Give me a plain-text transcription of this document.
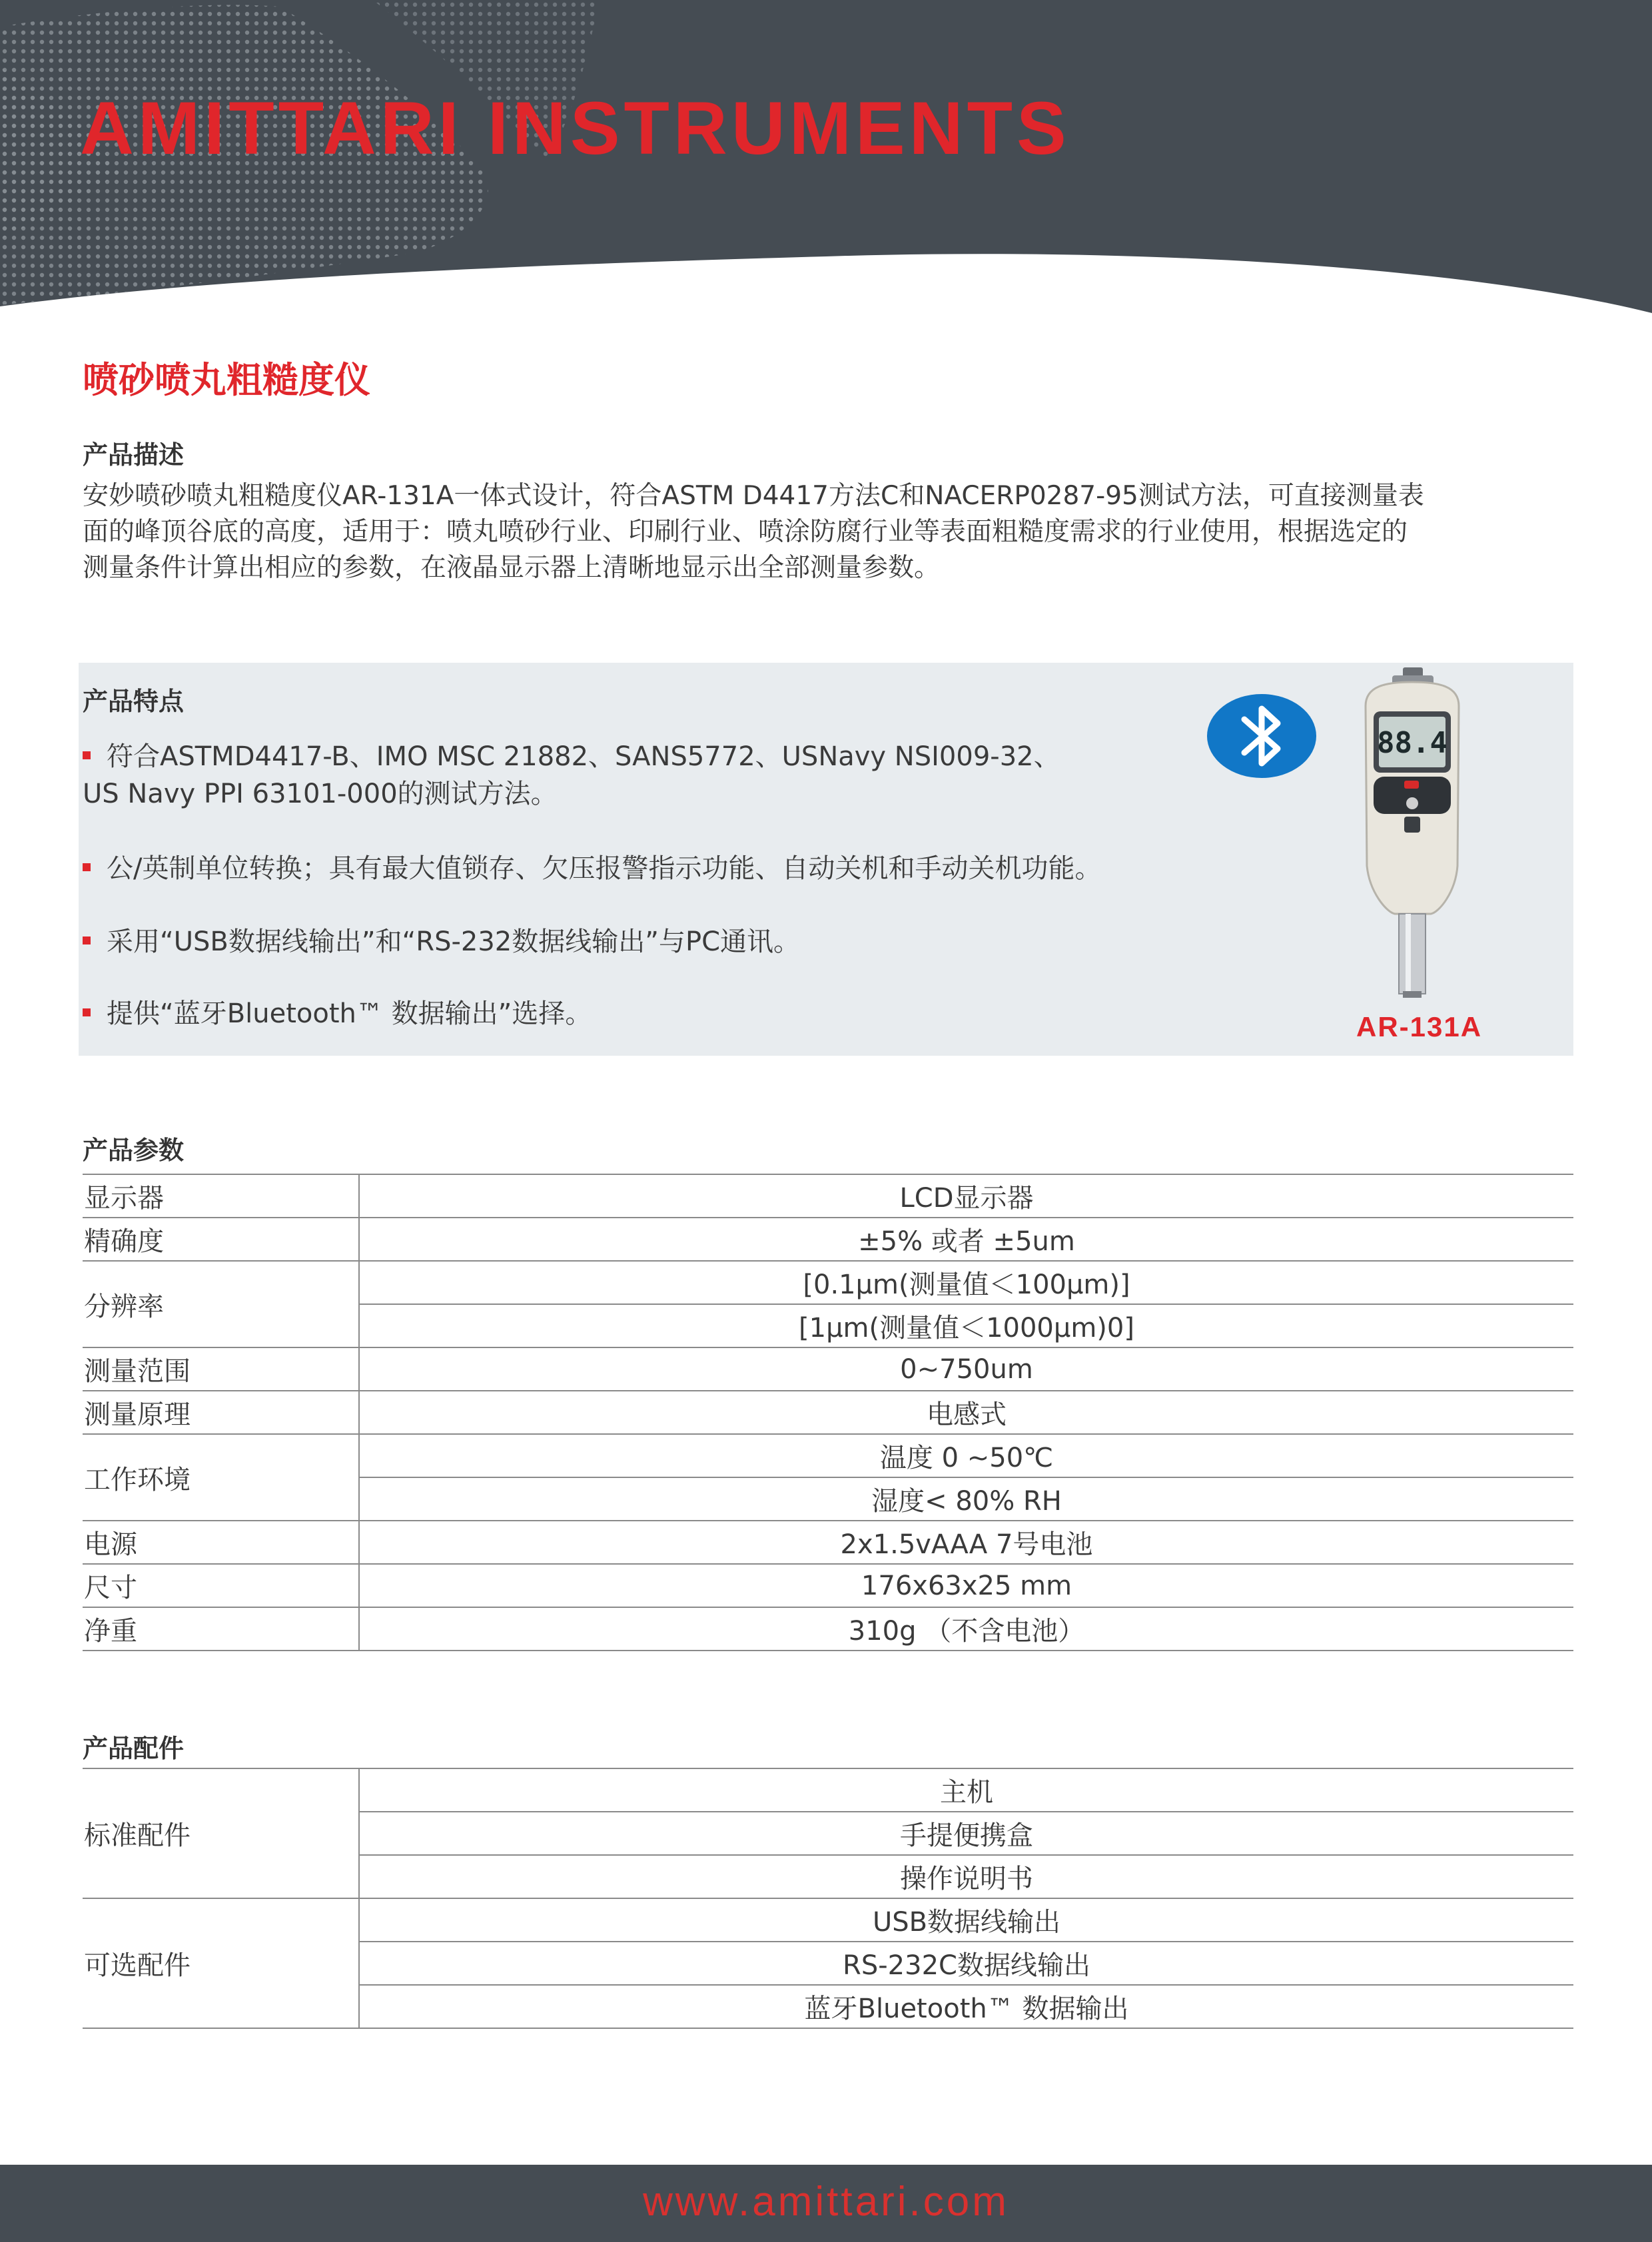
AMITTARI INSTRUMENTS
喷砂喷丸粗糙度仪
产品描述
安妙喷砂喷丸粗糙度仪AR-131A一体式设计，符合ASTM D4417方法C和NACERP0287-95测试方法，可直接测量表
面的峰顶谷底的高度，适用于：喷丸喷砂行业、印刷行业、喷涂防腐行业等表面粗糙度需求的行业使用，根据选定的
测量条件计算出相应的参数，在液晶显示器上清晰地显示出全部测量参数。
产品特点
符合ASTMD4417-B、IMO MSC 21882、SANS5772、USNavy NSI009-32、
US Navy PPI 63101-000的测试方法。
公/英制单位转换；具有最大值锁存、欠压报警指示功能、自动关机和手动关机功能。
采用“USB数据线输出”和“RS-232数据线输出”与PC通讯。
提供“蓝牙Bluetooth™ 数据输出”选择。
88.4
AR-131A
产品参数
显示器	LCD显示器
精确度	±5% 或者 ±5um
分辨率	[0.1μm(测量值＜100μm)]
	[1μm(测量值＜1000μm)0]
测量范围	0~750um
测量原理	电感式
工作环境	温度 0 ~50℃
	湿度< 80% RH
电源	2x1.5vAAA 7号电池
尺寸	176x63x25 mm
净重	310g （不含电池）
产品配件
标准配件	主机
	手提便携盒
	操作说明书
可选配件	USB数据线输出
	RS-232C数据线输出
	蓝牙Bluetooth™ 数据输出
www.amittari.com
